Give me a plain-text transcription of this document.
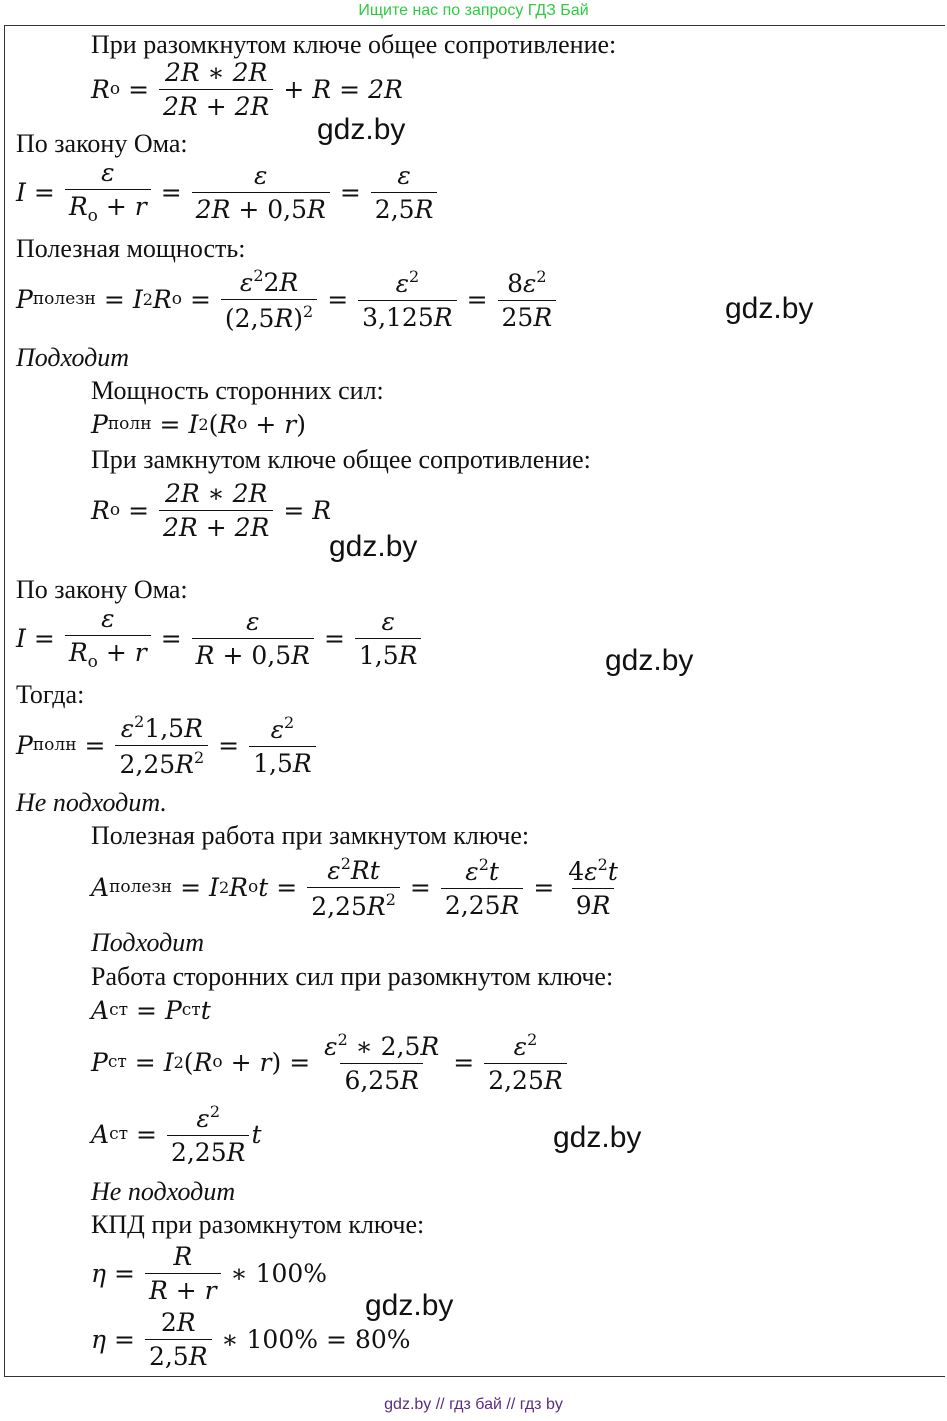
Ищите нас по запросу ГДЗ Бай
При разомкнутом ключе общее сопротивление:
R $о = \frac{2R ∗ 2R}{2R + 2R} + R = 2R$
gdz.by
По закону Ома:
$I = \frac{\varepsilon}{R_о + r} = \frac{\varepsilon}{2R + 0,5R} = \frac{\varepsilon}{2,5R}$
Полезная мощность:
P полезн = I 2 R $о = \frac{\varepsilon^22R}{(2,5R)^2} = \frac{\varepsilon^2}{3,125R} = \frac{8\varepsilon^2}{25R}$	gdz.by
Подходит
Мощность сторонних сил:
P полн = I 2 ( R о + r )
При замкнутом ключе общее сопротивление:
R $о = \frac{2R ∗ 2R}{2R + 2R} = R$
gdz.by
По закону Ома:
$I = \frac{\varepsilon}{R_о + r} = \frac{\varepsilon}{R + 0,5R} = \frac{\varepsilon}{1,5R}$	gdz.by
Тогда:
P полн = $\frac{\varepsilon^21,5R}{2,25R^2} = \frac{\varepsilon^2}{1,5R}$
Не подходит.
Полезная работа при замкнутом ключе:
A полезн = I 2 R о $t = \frac{\varepsilon^2Rt}{2,25R^2} = \frac{\varepsilon^2t}{2,25R} = \frac{4\varepsilon^2t}{9R}$
Подходит
Работа сторонних сил при разомкнутом ключе:
A ст = P ст t
P ст = I 2 ( R о + r ) = $\frac{\varepsilon^2 ∗ 2,5R}{6,25R} = \frac{\varepsilon^2}{2,25R}$
A ст = $\frac{\varepsilon^2}{2,25R}$ t	gdz.by
Не подходит
КПД при разомкнутом ключе:
$\eta = \frac{R}{R + r}$ ∗ 100%
gdz.by
$\eta = \frac{2R}{2,5R}$ ∗ 100% = 80%
gdz.by // гдз бай // гдз by
